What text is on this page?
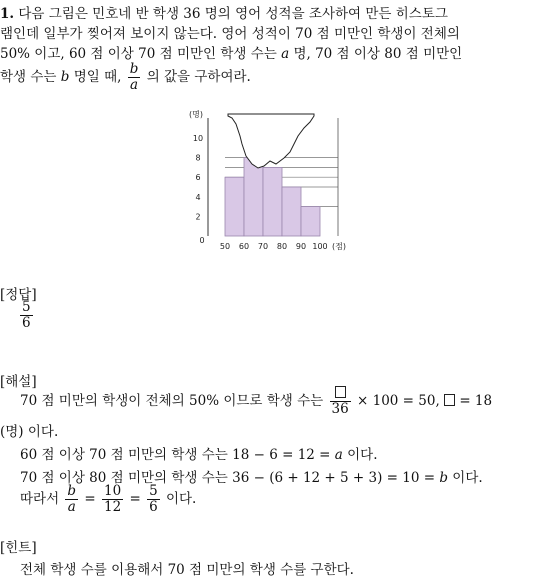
1. 다음 그림은 민호네 반 학생 36 명의 영어 성적을 조사하여 만든 히스토그
램인데 일부가 찢어져 보이지 않는다. 영어 성적이 70 점 미만인 학생이 전체의
50% 이고, 60 점 이상 70 점 미만인 학생 수는 a 명, 70 점 이상 80 점 미만인
학생 수는 b 명일 때, $\frac{b}{a}$ 의 값을 구하여라.
(명)
10
8
6
4
2
0
50 60 70 80 90 100 (점)
[정답]
$\frac{5}{6}$
[해설]
70 점 미만의 학생이 전체의 50% 이므로 학생 수는 36 × 100 = 50, = 18
(명) 이다.
60 점 이상 70 점 미만의 학생 수는 18 − 6 = 12 = a 이다.
70 점 이상 80 점 미만의 학생 수는 36 − (6 + 12 + 5 + 3) = 10 = b 이다.
따라서 $\frac{b}{a} = \frac{10}{12} = \frac{5}{6}$ 이다.
[힌트]
전체 학생 수를 이용해서 70 점 미만의 학생 수를 구한다.
